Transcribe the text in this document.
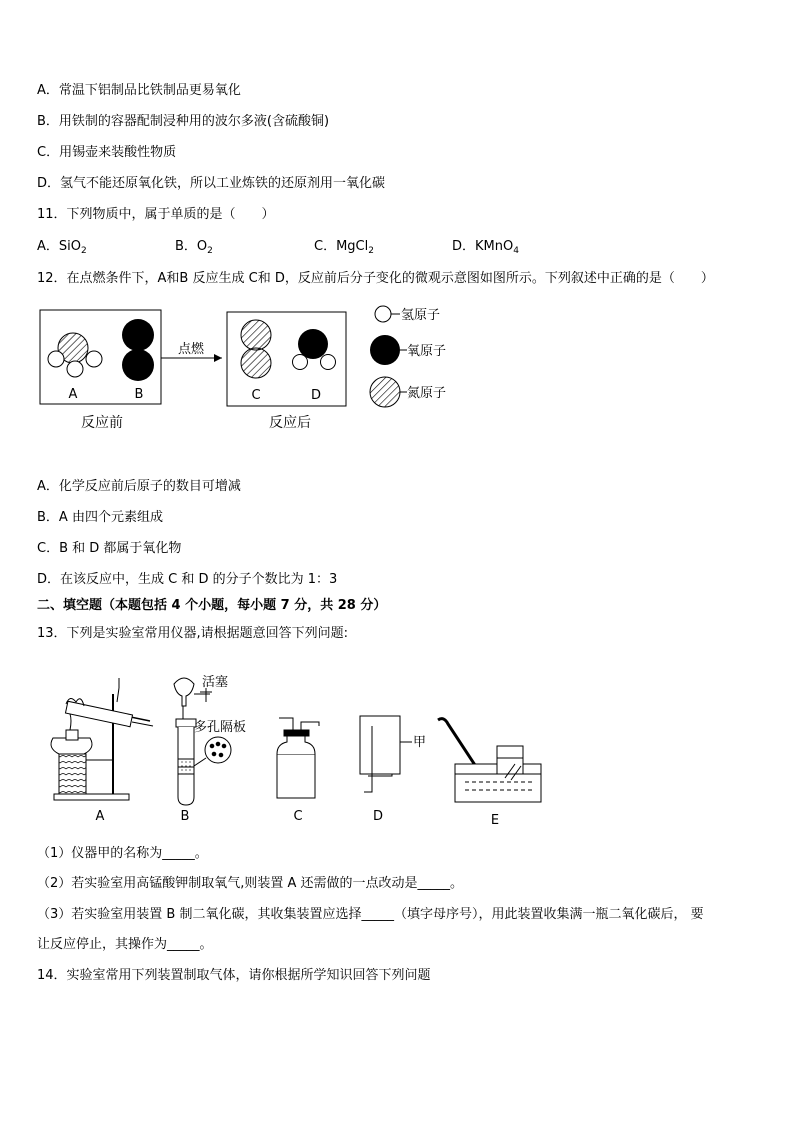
A．常温下铝制品比铁制品更易氧化
B．用铁制的容器配制浸种用的波尔多液(含硫酸铜)
C．用锡壶来装酸性物质
D．氢气不能还原氧化铁，所以工业炼铁的还原剂用一氧化碳
11．下列物质中，属于单质的是（　　）
A．SiO$_2$	B．$O_2$	C．MgCl$_2$	D．KMnO$_4$
12．在点燃条件下，A和B 反应生成 C和 D，反应前后分子变化的微观示意图如图所示。下列叙述中正确的是（　　）
A	B
点燃
C	D
反应前	反应后
氢原子
氧原子
氮原子
A．化学反应前后原子的数目可增减
B．A 由四个元素组成
C．B 和 D 都属于氧化物
D．在该反应中，生成 C 和 D 的分子个数比为 1：3
二、填空题（本题包括 4 个小题，每小题 7 分，共 28 分）
13．下列是实验室常用仪器,请根据题意回答下列问题:
A
活塞
多孔隔板
B	C
甲
D	E
（1）仪器甲的名称为_____。
（2）若实验室用高锰酸钾制取氧气,则装置 A 还需做的一点改动是_____。
（3）若实验室用装置 B 制二氧化碳，其收集装置应选择_____（填字母序号），用此装置收集满一瓶二氧化碳后， 要
让反应停止，其操作为_____。
14．实验室常用下列装置制取气体，请你根据所学知识回答下列问题
